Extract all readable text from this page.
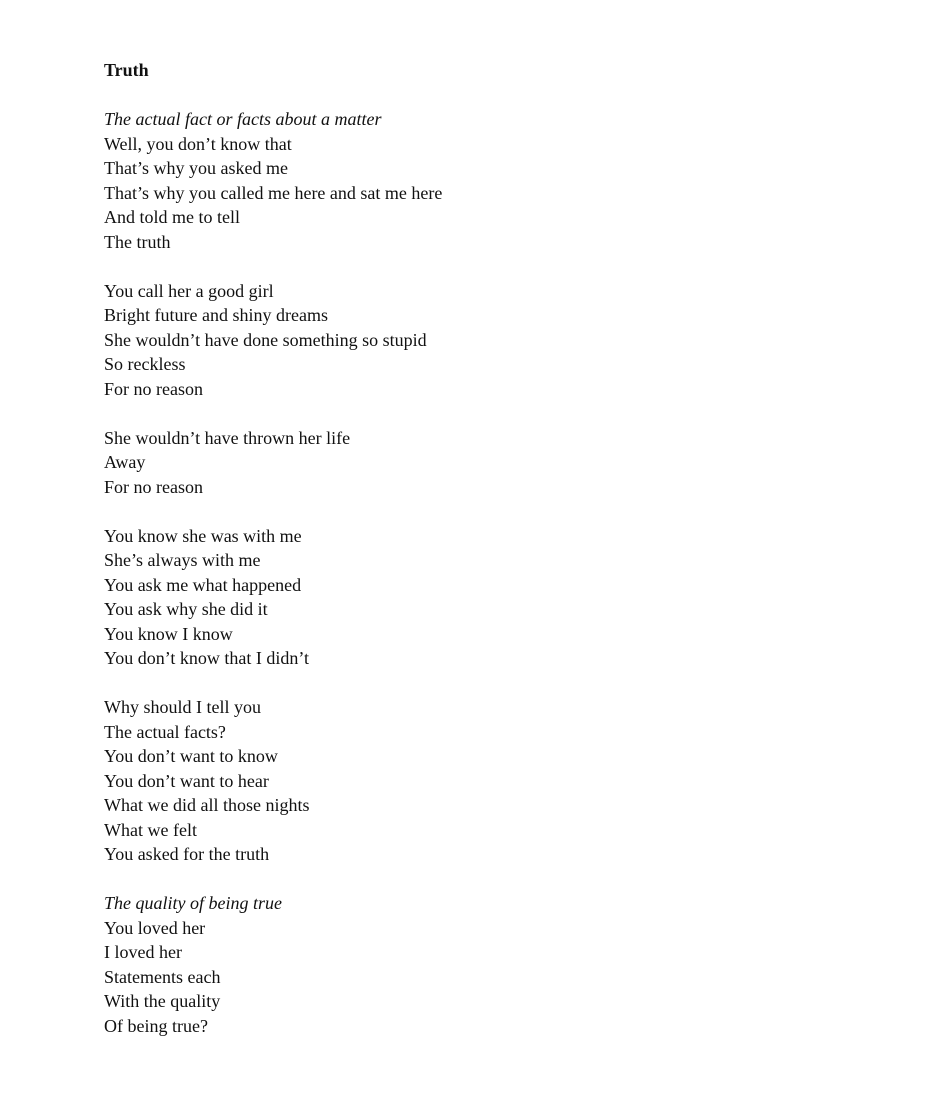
Truth
The actual fact or facts about a matter
Well, you don’t know that
That’s why you asked me
That’s why you called me here and sat me here
And told me to tell
The truth
You call her a good girl
Bright future and shiny dreams
She wouldn’t have done something so stupid
So reckless
For no reason
She wouldn’t have thrown her life
Away
For no reason
You know she was with me
She’s always with me
You ask me what happened
You ask why she did it
You know I know
You don’t know that I didn’t
Why should I tell you
The actual facts?
You don’t want to know
You don’t want to hear
What we did all those nights
What we felt
You asked for the truth
The quality of being true
You loved her
I loved her
Statements each
With the quality
Of being true?
